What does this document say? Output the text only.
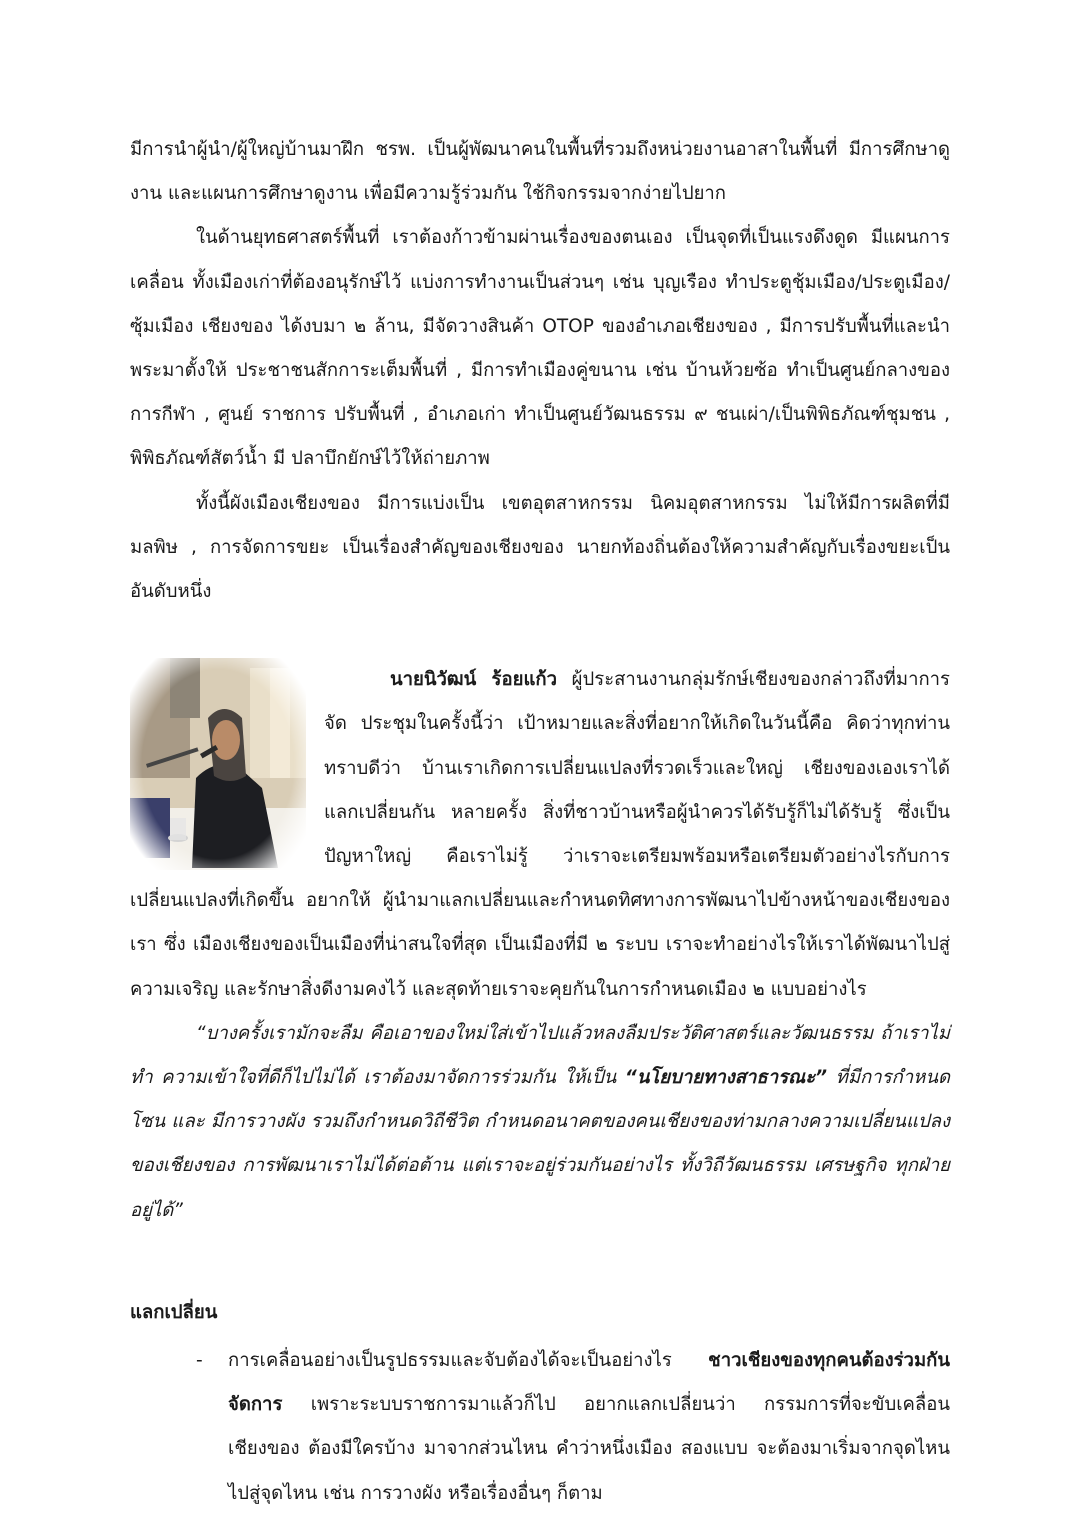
มีการนำผู้นำ/ผู้ใหญ่บ้านมาฝึก ชรพ. เป็นผู้พัฒนาคนในพื้นที่รวมถึงหน่วยงานอาสาในพื้นที่ มีการศึกษาดูงาน และแผนการศึกษาดูงาน เพื่อมีความรู้ร่วมกัน ใช้กิจกรรมจากง่ายไปยาก

ในด้านยุทธศาสตร์พื้นที่ เราต้องก้าวข้ามผ่านเรื่องของตนเอง เป็นจุดที่เป็นแรงดึงดูด มีแผนการเคลื่อน ทั้งเมืองเก่าที่ต้องอนุรักษ์ไว้ แบ่งการทำงานเป็นส่วนๆ เช่น บุญเรือง ทำประตูชุ้มเมือง/ประตูเมือง/ซุ้มเมือง เชียงของ ได้งบมา ๒ ล้าน, มีจัดวางสินค้า OTOP ของอำเภอเชียงของ , มีการปรับพื้นที่และนำพระมาตั้งให้ ประชาชนสักการะเต็มพื้นที่ , มีการทำเมืองคู่ขนาน เช่น บ้านห้วยซ้อ ทำเป็นศูนย์กลางของการกีฬา , ศูนย์ ราชการ ปรับพื้นที่ , อำเภอเก่า ทำเป็นศูนย์วัฒนธรรม ๙ ชนเผ่า/เป็นพิพิธภัณฑ์ชุมชน , พิพิธภัณฑ์สัตว์น้ำ มี ปลาบึกยักษ์ไว้ให้ถ่ายภาพ

ทั้งนี้ผังเมืองเชียงของ มีการแบ่งเป็น เขตอุตสาหกรรม นิคมอุตสาหกรรม ไม่ให้มีการผลิตที่มีมลพิษ , การจัดการขยะ เป็นเรื่องสำคัญของเชียงของ นายกท้องถิ่นต้องให้ความสำคัญกับเรื่องขยะเป็นอันดับหนึ่ง

นายนิวัฒน์ ร้อยแก้ว ผู้ประสานงานกลุ่มรักษ์เชียงของกล่าวถึงที่มาการจัด ประชุมในครั้งนี้ว่า เป้าหมายและสิ่งที่อยากให้เกิดในวันนี้คือ คิดว่าทุกท่านทราบดีว่า บ้านเราเกิดการเปลี่ยนแปลงที่รวดเร็วและใหญ่ เชียงของเองเราได้แลกเปลี่ยนกัน หลายครั้ง สิ่งที่ชาวบ้านหรือผู้นำควรได้รับรู้ก็ไม่ได้รับรู้ ซึ่งเป็นปัญหาใหญ่ คือเราไม่รู้ ว่าเราจะเตรียมพร้อมหรือเตรียมตัวอย่างไรกับการเปลี่ยนแปลงที่เกิดขึ้น อยากให้ ผู้นำมาแลกเปลี่ยนและกำหนดทิศทางการพัฒนาไปข้างหน้าของเชียงของเรา ซึ่ง เมืองเชียงของเป็นเมืองที่น่าสนใจที่สุด เป็นเมืองที่มี ๒ ระบบ เราจะทำอย่างไรให้เราได้พัฒนาไปสู่ความเจริญ และรักษาสิ่งดีงามคงไว้ และสุดท้ายเราจะคุยกันในการกำหนดเมือง ๒ แบบอย่างไร

“บางครั้งเรามักจะลืม คือเอาของใหม่ใส่เข้าไปแล้วหลงลืมประวัติศาสตร์และวัฒนธรรม ถ้าเราไม่ทำ ความเข้าใจที่ดีก็ไปไม่ได้ เราต้องมาจัดการร่วมกัน ให้เป็น “นโยบายทางสาธารณะ” ที่มีการกำหนดโซน และ มีการวางผัง รวมถึงกำหนดวิถีชีวิต กำหนดอนาคตของคนเชียงของท่ามกลางความเปลี่ยนแปลงของเชียงของ การพัฒนาเราไม่ได้ต่อต้าน แต่เราจะอยู่ร่วมกันอย่างไร ทั้งวิถีวัฒนธรรม เศรษฐกิจ ทุกฝ่ายอยู่ได้”

แลกเปลี่ยน

- การเคลื่อนอย่างเป็นรูปธรรมและจับต้องได้จะเป็นอย่างไร ชาวเชียงของทุกคนต้องร่วมกัน จัดการ เพราะระบบราชการมาแล้วก็ไป อยากแลกเปลี่ยนว่า กรรมการที่จะขับเคลื่อนเชียงของ ต้องมีใครบ้าง มาจากส่วนไหน คำว่าหนึ่งเมือง สองแบบ จะต้องมาเริ่มจากจุดไหนไปสู่จุดไหน เช่น การวางผัง หรือเรื่องอื่นๆ ก็ตาม
